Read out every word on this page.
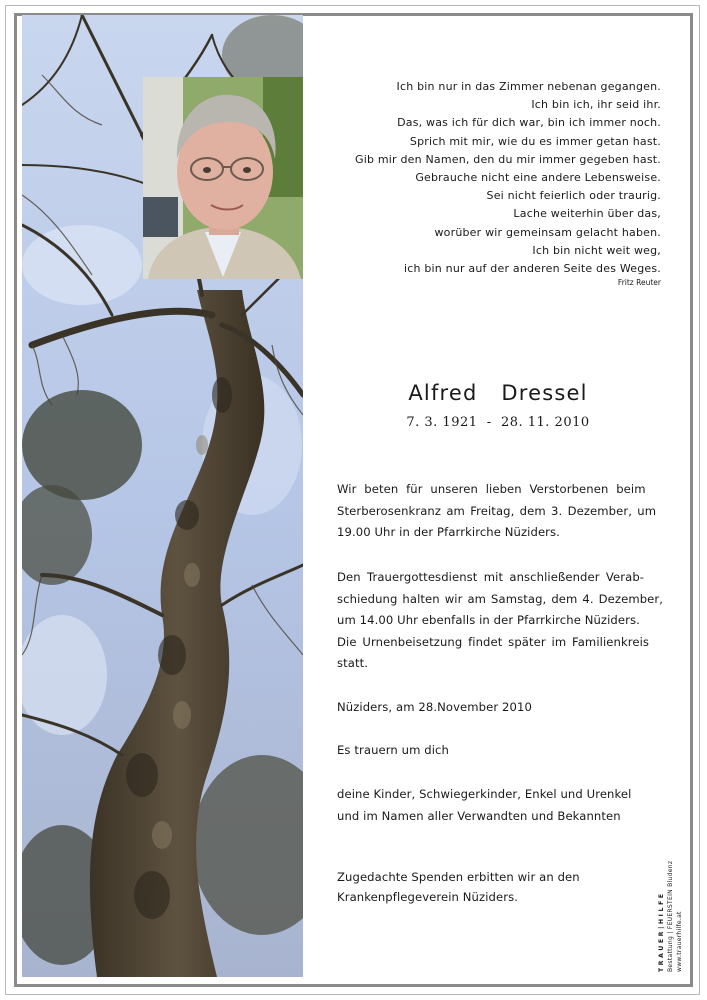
Ich bin nur in das Zimmer nebenan gegangen.
Ich bin ich, ihr seid ihr.
Das, was ich für dich war, bin ich immer noch.
Sprich mit mir, wie du es immer getan hast.
Gib mir den Namen, den du mir immer gegeben hast.
Gebrauche nicht eine andere Lebensweise.
Sei nicht feierlich oder traurig.
Lache weiterhin über das,
worüber wir gemeinsam gelacht haben.
Ich bin nicht weit weg,
ich bin nur auf der anderen Seite des Weges.
Fritz Reuter
Alfred  Dressel
7. 3. 1921  -  28. 11. 2010
Wir beten für unseren lieben Verstorbenen beim
Sterberosenkranz am Freitag, dem 3. Dezember, um
19.00 Uhr in der Pfarrkirche Nüziders.
Den Trauergottesdienst mit anschließender Verab-
schiedung halten wir am Samstag, dem 4. Dezember,
um 14.00 Uhr ebenfalls in der Pfarrkirche Nüziders.
Die Urnenbeisetzung findet später im Familienkreis
statt.
Nüziders, am 28.November 2010
Es trauern um dich
deine Kinder, Schwiegerkinder, Enkel und Urenkel
und im Namen aller Verwandten und Bekannten
Zugedachte Spenden erbitten wir an den
Krankenpflegeverein Nüziders.	T R A U E R | H I L F E Bestattung | FEUERSTEIN Bludenz www.trauerhilfe.at
